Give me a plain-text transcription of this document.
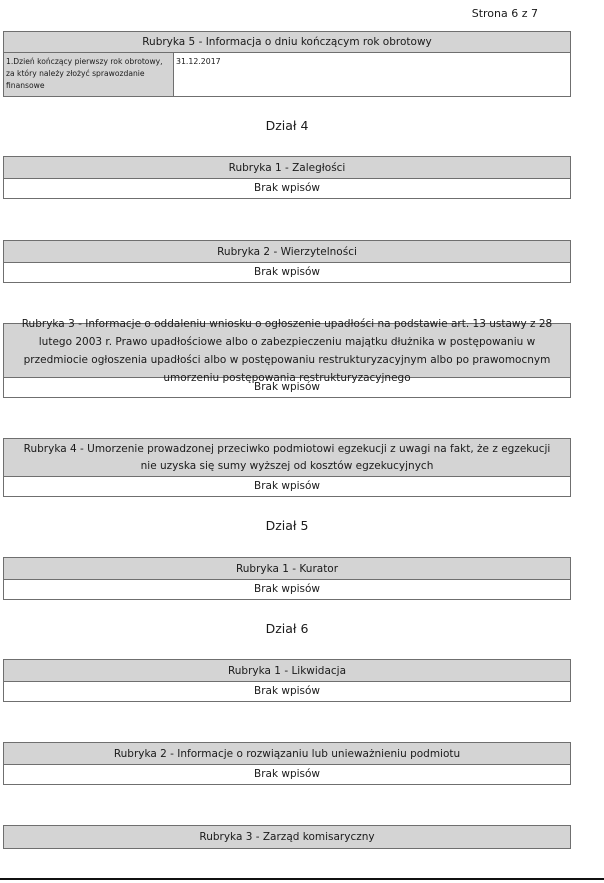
Strona 6 z 7
Rubryka 5 - Informacja o dniu kończącym rok obrotowy
1.Dzień kończący pierwszy rok obrotowy, za który należy złożyć sprawozdanie finansowe
31.12.2017
Dział 4
Rubryka 1 - Zaległości
Brak wpisów
Rubryka 2 - Wierzytelności
Brak wpisów
Rubryka 3 - Informacje o oddaleniu wniosku o ogłoszenie upadłości na podstawie art. 13 ustawy z 28 lutego 2003 r. Prawo upadłościowe albo o zabezpieczeniu majątku dłużnika w postępowaniu w przedmiocie ogłoszenia upadłości albo w postępowaniu restrukturyzacyjnym albo po prawomocnym umorzeniu postępowania restrukturyzacyjnego
Brak wpisów
Rubryka 4 - Umorzenie prowadzonej przeciwko podmiotowi egzekucji z uwagi na fakt, że z egzekucji nie uzyska się sumy wyższej od kosztów egzekucyjnych
Brak wpisów
Dział 5
Rubryka 1 - Kurator
Brak wpisów
Dział 6
Rubryka 1 - Likwidacja
Brak wpisów
Rubryka 2 - Informacje o rozwiązaniu lub unieważnieniu podmiotu
Brak wpisów
Rubryka 3 - Zarząd komisaryczny
